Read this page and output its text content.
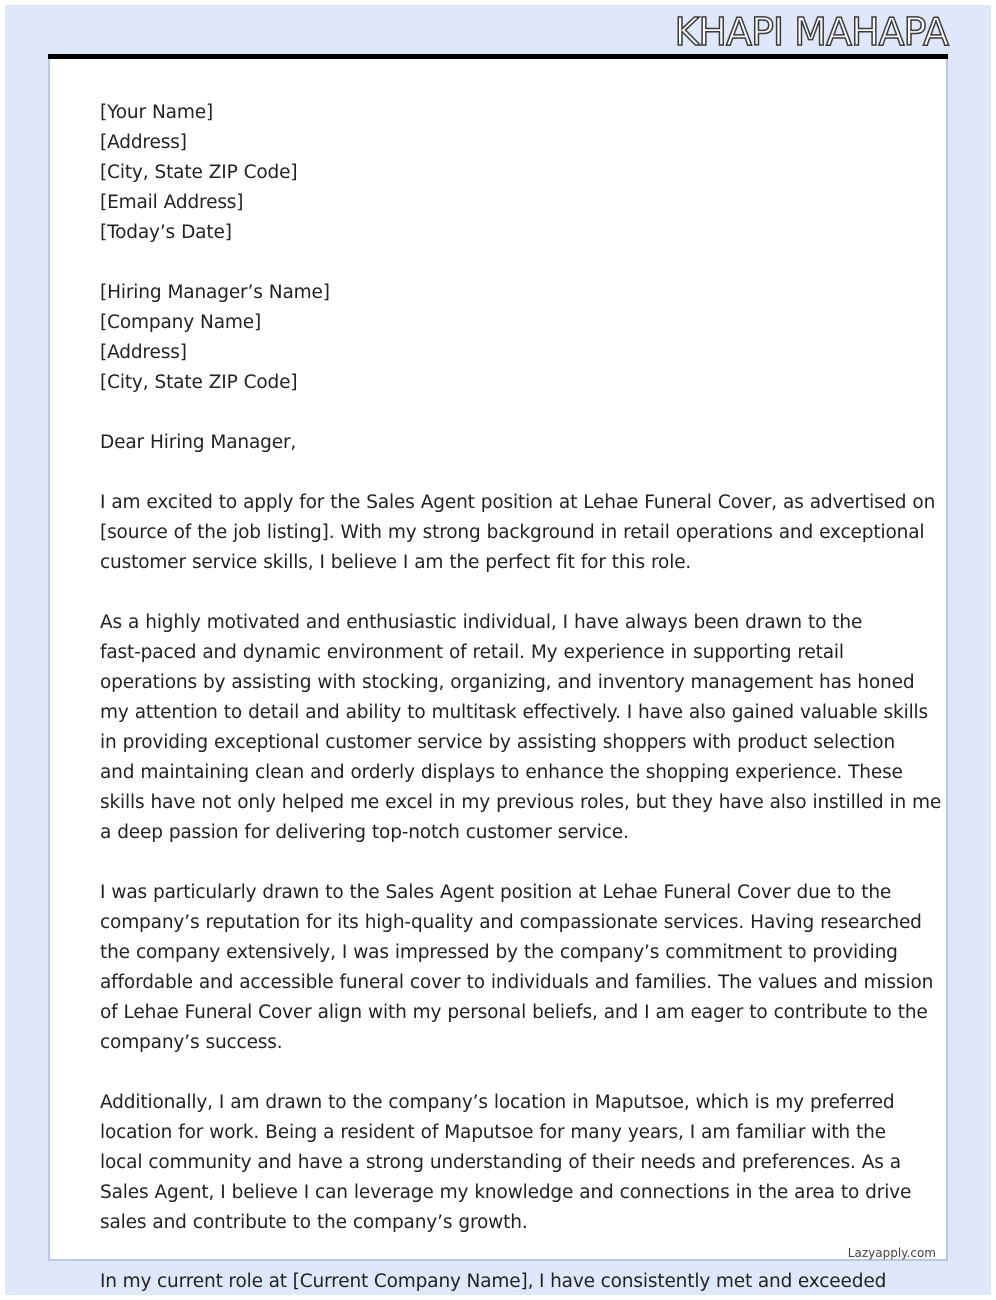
KHAPI MAHAPA
[Your Name]
[Address]
[City, State ZIP Code]
[Email Address]
[Today’s Date]
[Hiring Manager’s Name]
[Company Name]
[Address]
[City, State ZIP Code]
Dear Hiring Manager,
I am excited to apply for the Sales Agent position at Lehae Funeral Cover, as advertised on
[source of the job listing]. With my strong background in retail operations and exceptional
customer service skills, I believe I am the perfect fit for this role.
As a highly motivated and enthusiastic individual, I have always been drawn to the
fast-paced and dynamic environment of retail. My experience in supporting retail
operations by assisting with stocking, organizing, and inventory management has honed
my attention to detail and ability to multitask effectively. I have also gained valuable skills
in providing exceptional customer service by assisting shoppers with product selection
and maintaining clean and orderly displays to enhance the shopping experience. These
skills have not only helped me excel in my previous roles, but they have also instilled in me
a deep passion for delivering top-notch customer service.
I was particularly drawn to the Sales Agent position at Lehae Funeral Cover due to the
company’s reputation for its high-quality and compassionate services. Having researched
the company extensively, I was impressed by the company’s commitment to providing
affordable and accessible funeral cover to individuals and families. The values and mission
of Lehae Funeral Cover align with my personal beliefs, and I am eager to contribute to the
company’s success.
Additionally, I am drawn to the company’s location in Maputsoe, which is my preferred
location for work. Being a resident of Maputsoe for many years, I am familiar with the
local community and have a strong understanding of their needs and preferences. As a
Sales Agent, I believe I can leverage my knowledge and connections in the area to drive
sales and contribute to the company’s growth.
Lazyapply.com
In my current role at [Current Company Name], I have consistently met and exceeded
